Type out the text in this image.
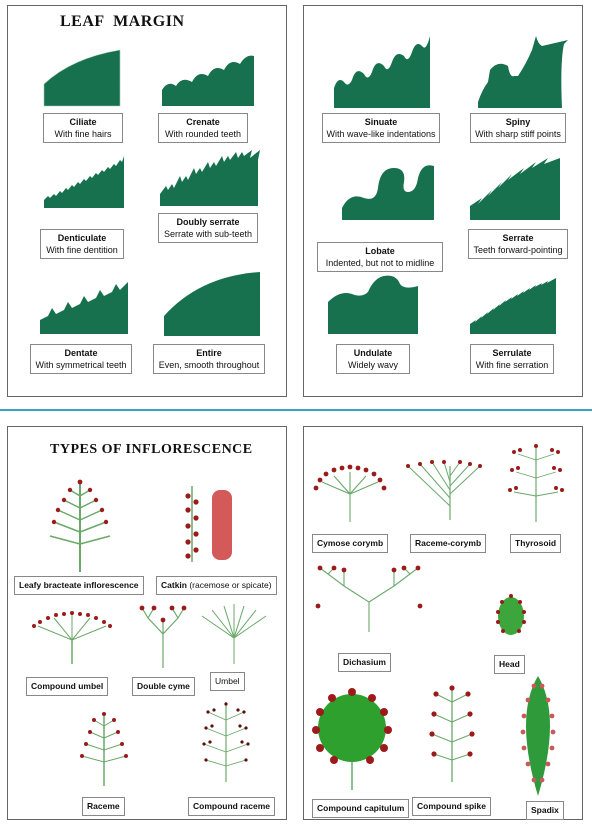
LEAF  MARGIN
Ciliate
With fine hairs
Crenate
With rounded teeth
Denticulate
With fine dentition
Doubly serrate
Serrate with sub-teeth
Dentate
With symmetrical teeth
Entire
Even, smooth throughout
Sinuate
With wave-like indentations
Spiny
With sharp stiff points
Lobate
Indented, but not to midline
Serrate
Teeth forward-pointing
Undulate
Widely wavy
Serrulate
With fine serration
TYPES OF INFLORESCENCE
Leafy bracteate inflorescence	Catkin (racemose or spicate)
Compound umbel	Double cyme	Umbel
Raceme	Compound raceme
Cymose corymb	Raceme-corymb	Thyrosoid
Dichasium	Head
Compound capitulum	Compound spike	Spadix
